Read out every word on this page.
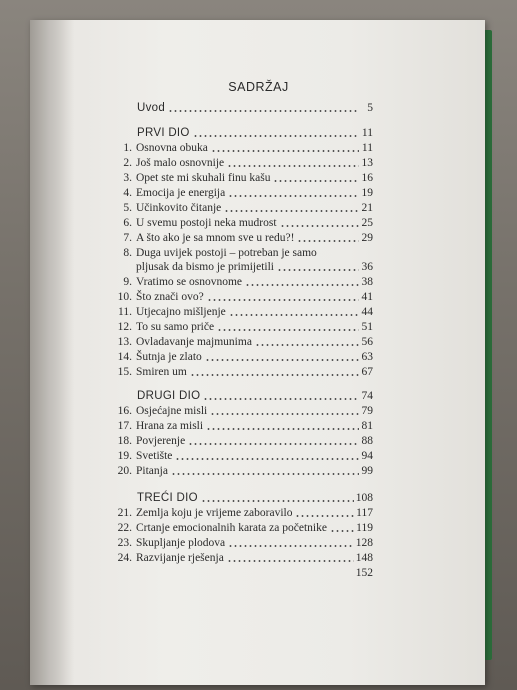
SADRŽAJ
Uvod	5
PRVI DIO	11
1. Osnovna obuka	11
2. Još malo osnovnije	13
3. Opet ste mi skuhali finu kašu	16
4. Emocija je energija	19
5. Učinkovito čitanje	21
6. U svemu postoji neka mudrost	25
7. A što ako je sa mnom sve u redu?!	29
8. Duga uvijek postoji – potreban je samo
pljusak da bismo je primijetili	36
9. Vratimo se osnovnome	38
10. Što znači ovo?	41
11. Utjecajno mišljenje	44
12. To su samo priče	51
13. Ovladavanje majmunima	56
14. Šutnja je zlato	63
15. Smiren um	67
DRUGI DIO	74
16. Osjećajne misli	79
17. Hrana za misli	81
18. Povjerenje	88
19. Svetište	94
20. Pitanja	99
TREĆI DIO	108
21. Zemlja koju je vrijeme zaboravilo	117
22. Crtanje emocionalnih karata za početnike	119
23. Skupljanje plodova	128
24. Razvijanje rješenja	148
152
